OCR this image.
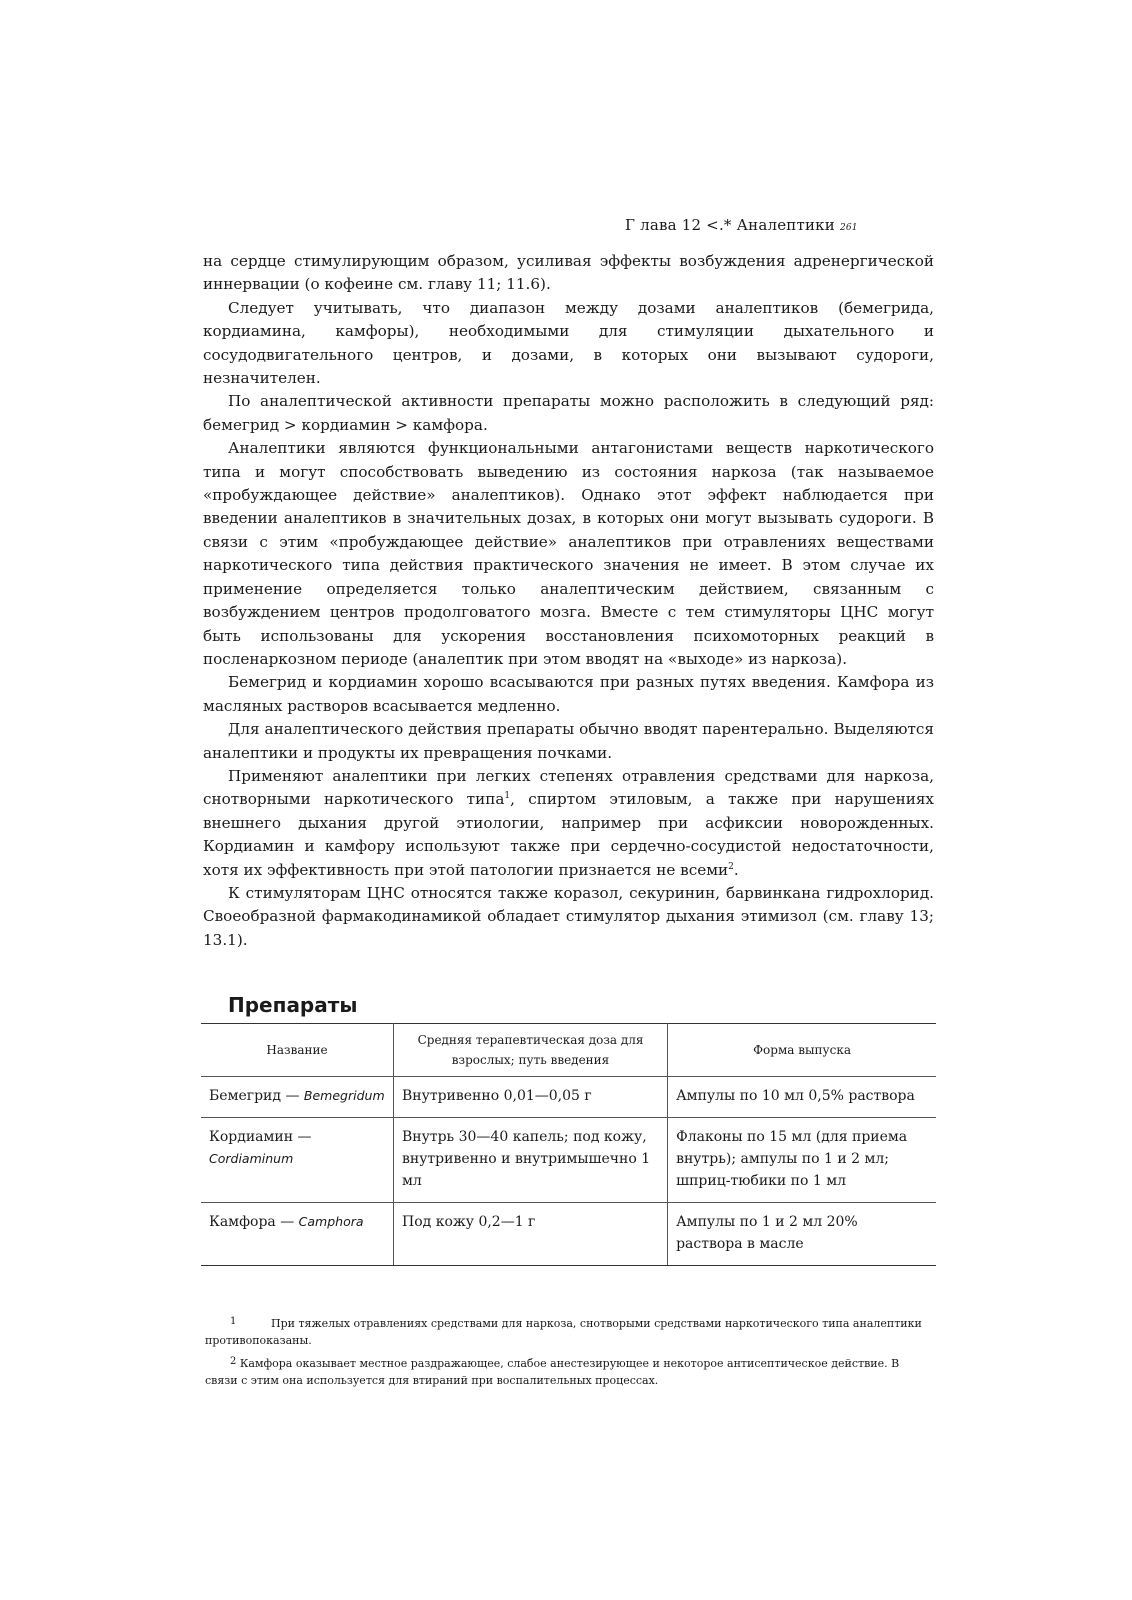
Г лава 12 <.* Аналептики 261

на сердце стимулирующим образом, усиливая эффекты возбуждения адренергической иннервации (о кофеине см. главу 11; 11.6).

Следует учитывать, что диапазон между дозами аналептиков (бемегрида, кордиамина, камфоры), необходимыми для стимуляции дыхательного и сосудодвигательного центров, и дозами, в которых они вызывают судороги, незначителен.

По аналептической активности препараты можно расположить в следующий ряд: бемегрид > кордиамин > камфора.

Аналептики являются функциональными антагонистами веществ наркотического типа и могут способствовать выведению из состояния наркоза (так называемое «пробуждающее действие» аналептиков). Однако этот эффект наблюдается при введении аналептиков в значительных дозах, в которых они могут вызывать судороги. В связи с этим «пробуждающее действие» аналептиков при отравлениях веществами наркотического типа действия практического значения не имеет. В этом случае их применение определяется только аналептическим действием, связанным с возбуждением центров продолговатого мозга. Вместе с тем стимуляторы ЦНС могут быть использованы для ускорения восстановления психомоторных реакций в посленаркозном периоде (аналептик при этом вводят на «выходе» из наркоза).

Бемегрид и кордиамин хорошо всасываются при разных путях введения. Камфора из масляных растворов всасывается медленно.

Для аналептического действия препараты обычно вводят парентерально. Выделяются аналептики и продукты их превращения почками.

Применяют аналептики при легких степенях отравления средствами для наркоза, снотворными наркотического типа$^1$, спиртом этиловым, а также при нарушениях внешнего дыхания другой этиологии, например при асфиксии новорожденных. Кордиамин и камфору используют также при сердечно-сосудистой недостаточности, хотя их эффективность при этой патологии признается не всеми$^2$.

К стимуляторам ЦНС относятся также коразол, секуринин, барвинкана гидрохлорид. Своеобразной фармакодинамикой обладает стимулятор дыхания этимизол (см. главу 13; 13.1).

Препараты
Название	Средняя терапевтическая доза для взрослых; путь введения	Форма выпуска
Бемегрид — Bemegridum	Внутривенно 0,01—0,05 г	Ампулы по 10 мл 0,5% раствора
Кордиамин — Cordiaminum	Внутрь 30—40 капель; под кожу, внутривенно и внутримышечно 1 мл	Флаконы по 15 мл (для приема внутрь); ампулы по 1 и 2 мл; шприц-тюбики по 1 мл
Камфора — Camphora	Под кожу 0,2—1 г	Ампулы по 1 и 2 мл 20% раствора в масле

1	При тяжелых отравлениях средствами для наркоза, снотворыми средствами наркотического типа аналептики противопоказаны.

2 Камфора оказывает местное раздражающее, слабое анестезирующее и некоторое антисептическое действие. В связи с этим она используется для втираний при воспалительных процессах.
